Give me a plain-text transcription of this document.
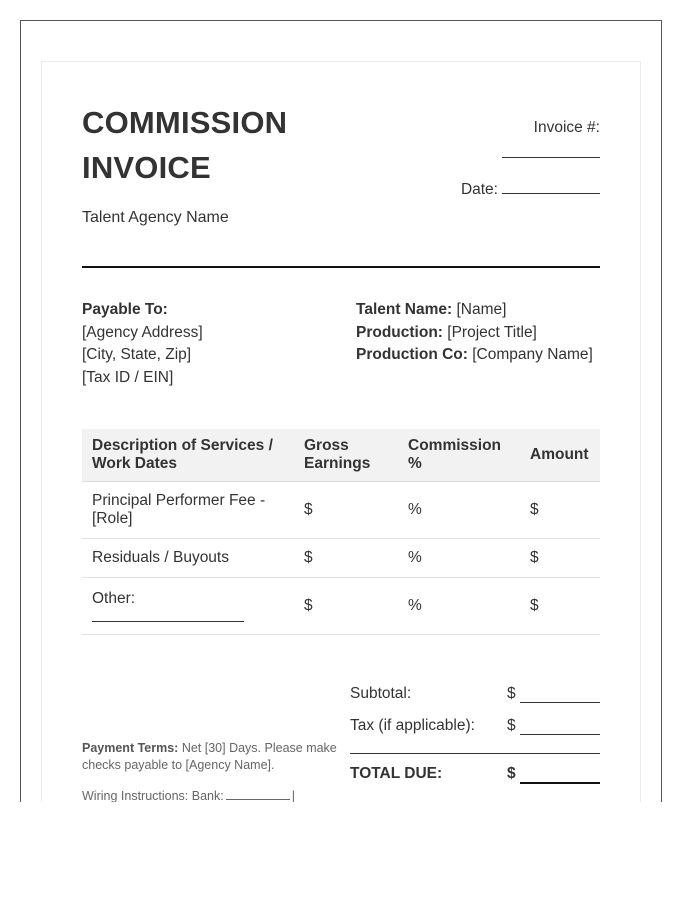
COMMISSION
INVOICE
Talent Agency Name
Invoice #:
Date:
Payable To:
[Agency Address]
[City, State, Zip]
[Tax ID / EIN]
Talent Name: [Name]
Production: [Project Title]
Production Co: [Company Name]
Description of Services / Work Dates	Gross Earnings	Commission %	Amount
Principal Performer Fee - [Role]	$	%	$
Residuals / Buyouts	$	%	$
Other:	$	%	$
Subtotal:	$
Tax (if applicable): $
TOTAL DUE:	$
Payment Terms: Net [30] Days. Please make
checks payable to [Agency Name].
Wiring Instructions: Bank:	|
